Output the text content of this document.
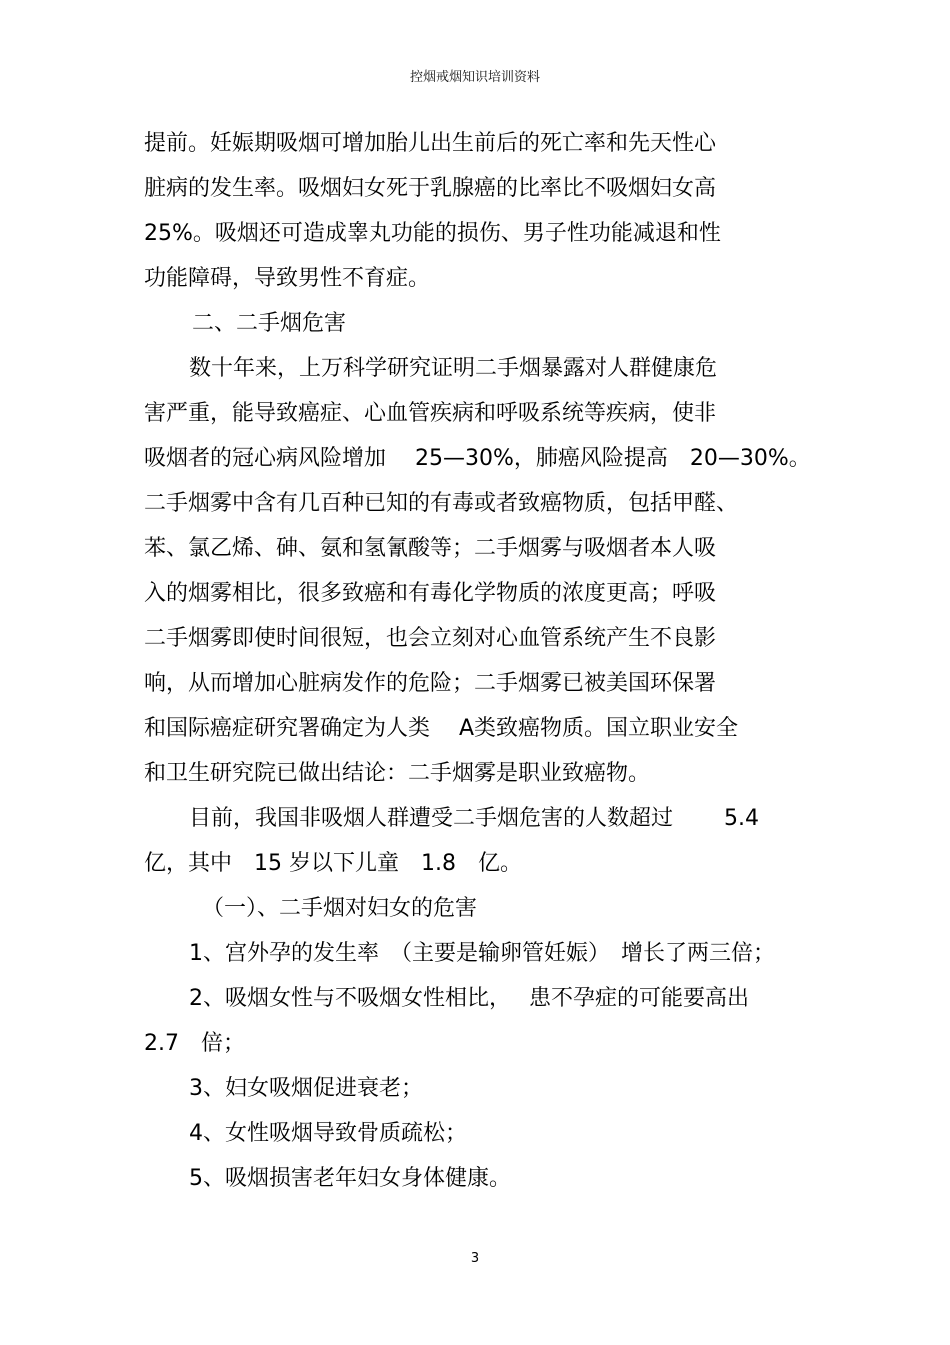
控烟戒烟知识培训资料
提前。妊娠期吸烟可增加胎儿出生前后的死亡率和先天性心
脏病的发生率。吸烟妇女死于乳腺癌的比率比不吸烟妇女高
25%。吸烟还可造成睾丸功能的损伤、男子性功能减退和性
功能障碍，导致男性不育症。
二、二手烟危害
数十年来，上万科学研究证明二手烟暴露对人群健康危
害严重，能导致癌症、心血管疾病和呼吸系统等疾病，使非
吸烟者的冠心病风险增加　 25—30%，肺癌风险提高　20—30%。
二手烟雾中含有几百种已知的有毒或者致癌物质，包括甲醛、
苯、氯乙烯、砷、氨和氢氰酸等；二手烟雾与吸烟者本人吸
入的烟雾相比，很多致癌和有毒化学物质的浓度更高；呼吸
二手烟雾即使时间很短，也会立刻对心血管系统产生不良影
响，从而增加心脏病发作的危险；二手烟雾已被美国环保署
和国际癌症研究署确定为人类　 A类致癌物质。国立职业安全
和卫生研究院已做出结论：二手烟雾是职业致癌物。
目前，我国非吸烟人群遭受二手烟危害的人数超过　　 5.4
亿，其中　15 岁以下儿童　1.8　亿。
（一）、二手烟对妇女的危害
1、宫外孕的发生率　（主要是输卵管妊娠）　增长了两三倍；
2、吸烟女性与不吸烟女性相比，　 患不孕症的可能要高出
2.7　倍；
3、妇女吸烟促进衰老；
4、女性吸烟导致骨质疏松；
5、吸烟损害老年妇女身体健康。
3
